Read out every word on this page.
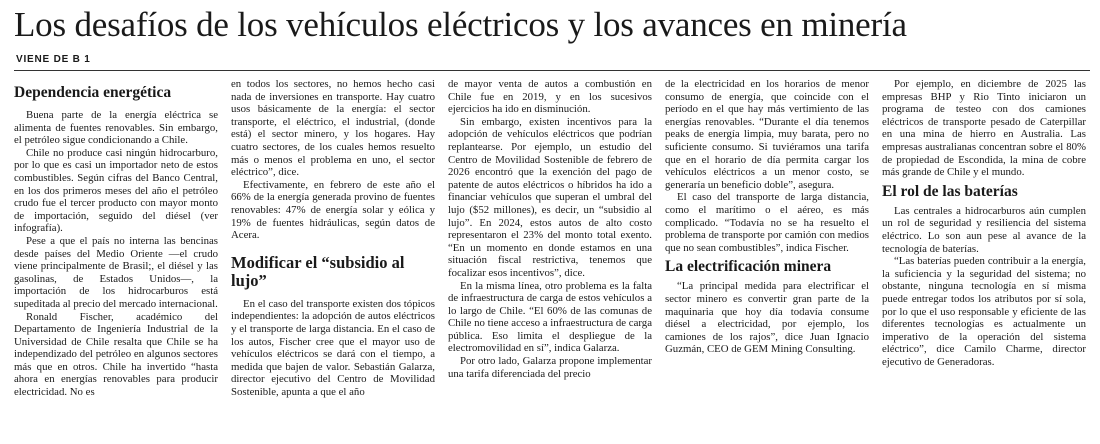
Los desafíos de los vehículos eléctricos y los avances en minería
VIENE DE B 1
Dependencia energética

Buena parte de la energía eléctrica se alimenta de fuentes renovables. Sin embargo, el petróleo sigue condicionando a Chile.

Chile no produce casi ningún hidrocarburo, por lo que es casi un importador neto de estos combustibles. Según cifras del Banco Central, en los dos primeros meses del año el petróleo crudo fue el tercer producto con mayor monto de importación, seguido del diésel (ver infografía).

Pese a que el país no interna las bencinas desde países del Medio Oriente —el crudo viene principalmente de Brasil;, el diésel y las gasolinas, de Estados Unidos—, la importación de los hidrocarburos está supeditada al precio del mercado internacional.

Ronald Fischer, académico del Departamento de Ingeniería Industrial de la Universidad de Chile resalta que Chile se ha independizado del petróleo en algunos sectores más que en otros. Chile ha invertido “hasta ahora en energías renovables para producir electricidad. No es

en todos los sectores, no hemos hecho casi nada de inversiones en transporte. Hay cuatro usos básicamente de la energía: el sector transporte, el eléctrico, el industrial, (donde está) el sector minero, y los hogares. Hay cuatro sectores, de los cuales hemos resuelto más o menos el problema en uno, el sector eléctrico”, dice.

Efectivamente, en febrero de este año el 66% de la energía generada provino de fuentes renovables: 47% de energía solar y eólica y 19% de fuentes hidráulicas, según datos de Acera.

Modificar el “subsidio al lujo”

En el caso del transporte existen dos tópicos independientes: la adopción de autos eléctricos y el transporte de larga distancia. En el caso de los autos, Fischer cree que el mayor uso de vehículos eléctricos se dará con el tiempo, a medida que bajen de valor. Sebastián Galarza, director ejecutivo del Centro de Movilidad Sostenible, apunta a que el año

de mayor venta de autos a combustión en Chile fue en 2019, y en los sucesivos ejercicios ha ido en disminución.

Sin embargo, existen incentivos para la adopción de vehículos eléctricos que podrían replantearse. Por ejemplo, un estudio del Centro de Movilidad Sostenible de febrero de 2026 encontró que la exención del pago de patente de autos eléctricos o híbridos ha ido a financiar vehículos que superan el umbral del lujo ($52 millones), es decir, un “subsidio al lujo”. En 2024, estos autos de alto costo representaron el 23% del monto total exento. “En un momento en donde estamos en una situación fiscal restrictiva, tenemos que focalizar esos incentivos”, dice.

En la misma línea, otro problema es la falta de infraestructura de carga de estos vehículos a lo largo de Chile. “El 60% de las comunas de Chile no tiene acceso a infraestructura de carga pública. Eso limita el despliegue de la electromovilidad en sí”, indica Galarza.

Por otro lado, Galarza propone implementar una tarifa diferenciada del precio

de la electricidad en los horarios de menor consumo de energía, que coincide con el período en el que hay más vertimiento de las energías renovables. “Durante el día tenemos peaks de energía limpia, muy barata, pero no suficiente consumo. Si tuviéramos una tarifa que en el horario de día permita cargar los vehículos eléctricos a un menor costo, se generaría un beneficio doble”, asegura.

El caso del transporte de larga distancia, como el marítimo o el aéreo, es más complicado. “Todavía no se ha resuelto el problema de transporte por camión con medios que no sean combustibles”, indica Fischer.

La electrificación minera

“La principal medida para electrificar el sector minero es convertir gran parte de la maquinaria que hoy día todavía consume diésel a electricidad, por ejemplo, los camiones de los rajos”, dice Juan Ignacio Guzmán, CEO de GEM Mining Consulting.

Por ejemplo, en diciembre de 2025 las empresas BHP y Rio Tinto iniciaron un programa de testeo con dos camiones eléctricos de transporte pesado de Caterpillar en una mina de hierro en Australia. Las empresas australianas concentran sobre el 80% de propiedad de Escondida, la mina de cobre más grande de Chile y el mundo.

El rol de las baterías

Las centrales a hidrocarburos aún cumplen un rol de seguridad y resiliencia del sistema eléctrico. Lo son aun pese al avance de la tecnología de baterías.

“Las baterías pueden contribuir a la energía, la suficiencia y la seguridad del sistema; no obstante, ninguna tecnología en sí misma puede entregar todos los atributos por sí sola, por lo que el uso responsable y eficiente de las diferentes tecnologías es actualmente un imperativo de la operación del sistema eléctrico”, dice Camilo Charme, director ejecutivo de Generadoras.
